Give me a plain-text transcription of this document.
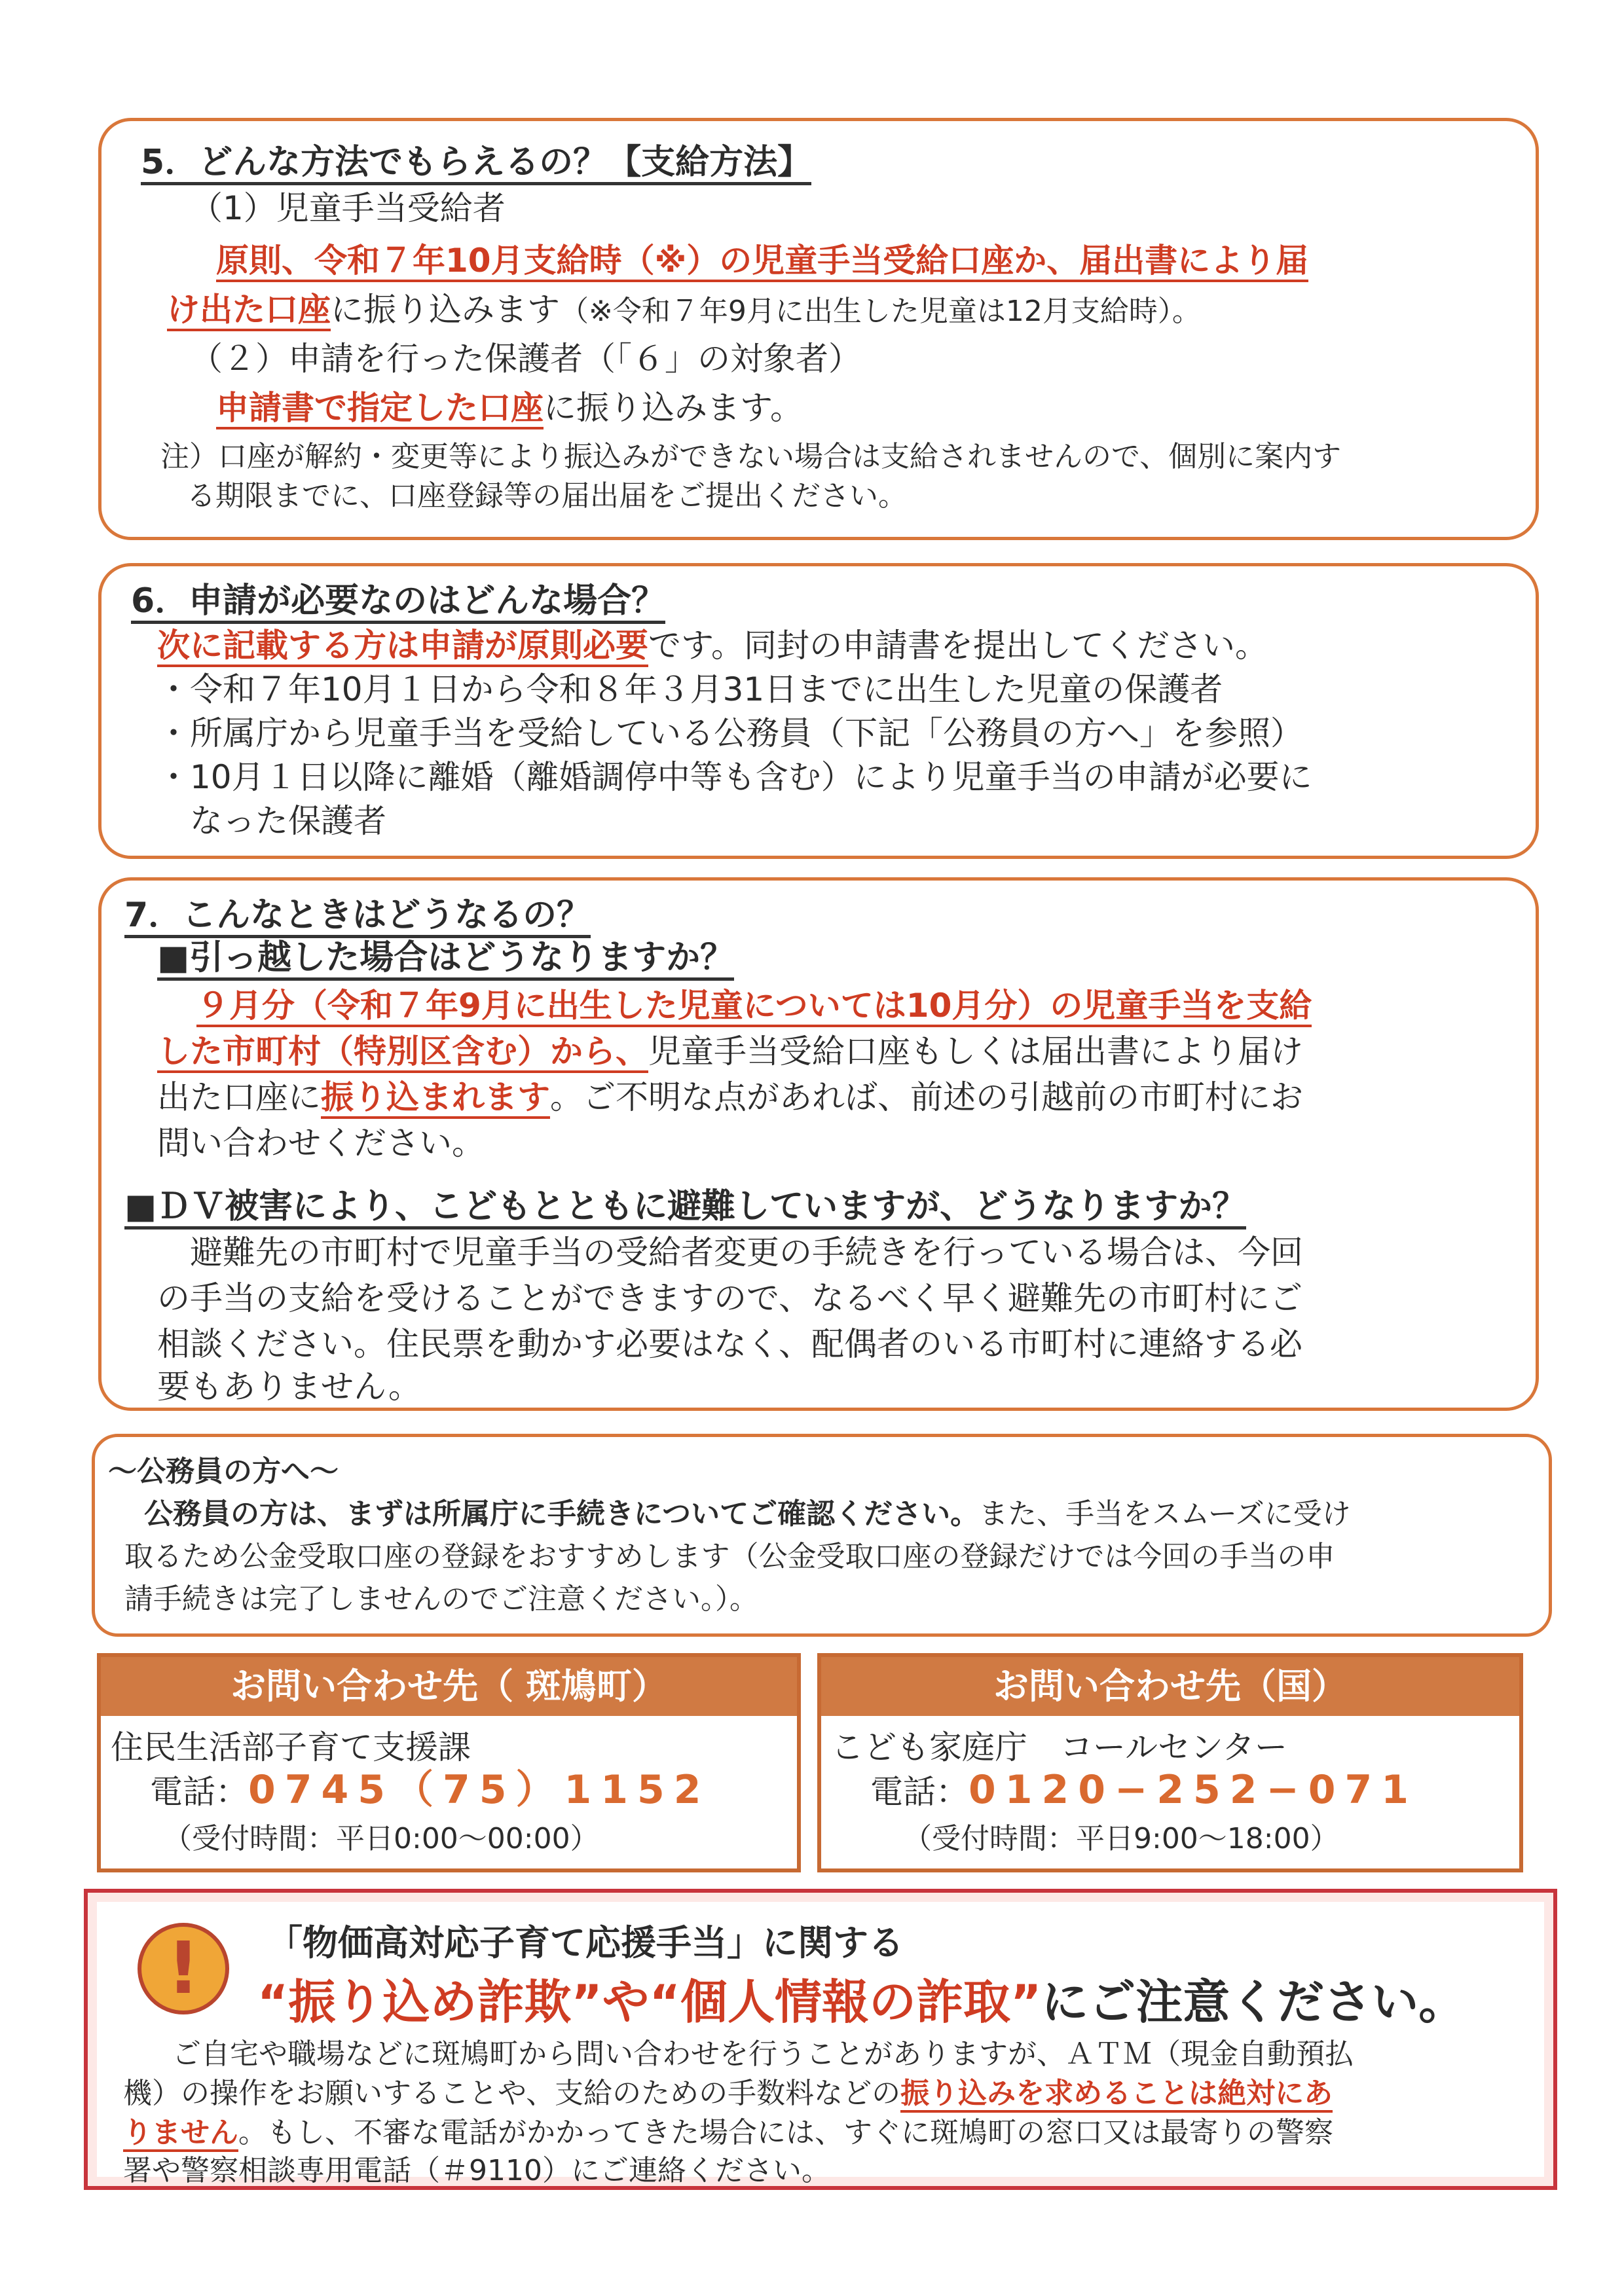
5．どんな方法でもらえるの？【支給方法】
（1）児童手当受給者
原則、令和７年10月支給時（※）の児童手当受給口座か、届出書により届
け出た口座に振り込みます（※令和７年9月に出生した児童は12月支給時）。
（２）申請を行った保護者（「６」の対象者）
申請書で指定した口座に振り込みます。
注）口座が解約・変更等により振込みができない場合は支給されませんので、個別に案内す
る期限までに、口座登録等の届出届をご提出ください。
6．申請が必要なのはどんな場合？
次に記載する方は申請が原則必要です。同封の申請書を提出してください。
・令和７年10月１日から令和８年３月31日までに出生した児童の保護者
・所属庁から児童手当を受給している公務員（下記「公務員の方へ」を参照）
・10月１日以降に離婚（離婚調停中等も含む）により児童手当の申請が必要に
なった保護者
7．こんなときはどうなるの？
■引っ越した場合はどうなりますか？
９月分（令和７年9月に出生した児童については10月分）の児童手当を支給
した市町村（特別区含む）から、児童手当受給口座もしくは届出書により届け
出た口座に振り込まれます。ご不明な点があれば、前述の引越前の市町村にお
問い合わせください。
■ＤＶ被害により、こどもとともに避難していますが、どうなりますか？
避難先の市町村で児童手当の受給者変更の手続きを行っている場合は、今回
の手当の支給を受けることができますので、なるべく早く避難先の市町村にご
相談ください。住民票を動かす必要はなく、配偶者のいる市町村に連絡する必
要もありません。
～公務員の方へ～
公務員の方は、まずは所属庁に手続きについてご確認ください。また、手当をスムーズに受け
取るため公金受取口座の登録をおすすめします（公金受取口座の登録だけでは今回の手当の申
請手続きは完了しませんのでご注意ください。）。
お問い合わせ先（ 斑鳩町）
住民生活部子育て支援課
電話：0745（75）1152
（受付時間：平日0:00～00:00）
お問い合わせ先（国）
こども家庭庁　コールセンター
電話：0120−252−071
（受付時間：平日9:00～18:00）
!	「物価高対応子育て応援手当」に関する
“振り込め詐欺”や“個人情報の詐取”にご注意ください。
ご自宅や職場などに斑鳩町から問い合わせを行うことがありますが、ＡＴＭ（現金自動預払
機）の操作をお願いすることや、支給のための手数料などの振り込みを求めることは絶対にあ
りません。もし、不審な電話がかかってきた場合には、すぐに斑鳩町の窓口又は最寄りの警察
署や警察相談専用電話（＃9110）にご連絡ください。
